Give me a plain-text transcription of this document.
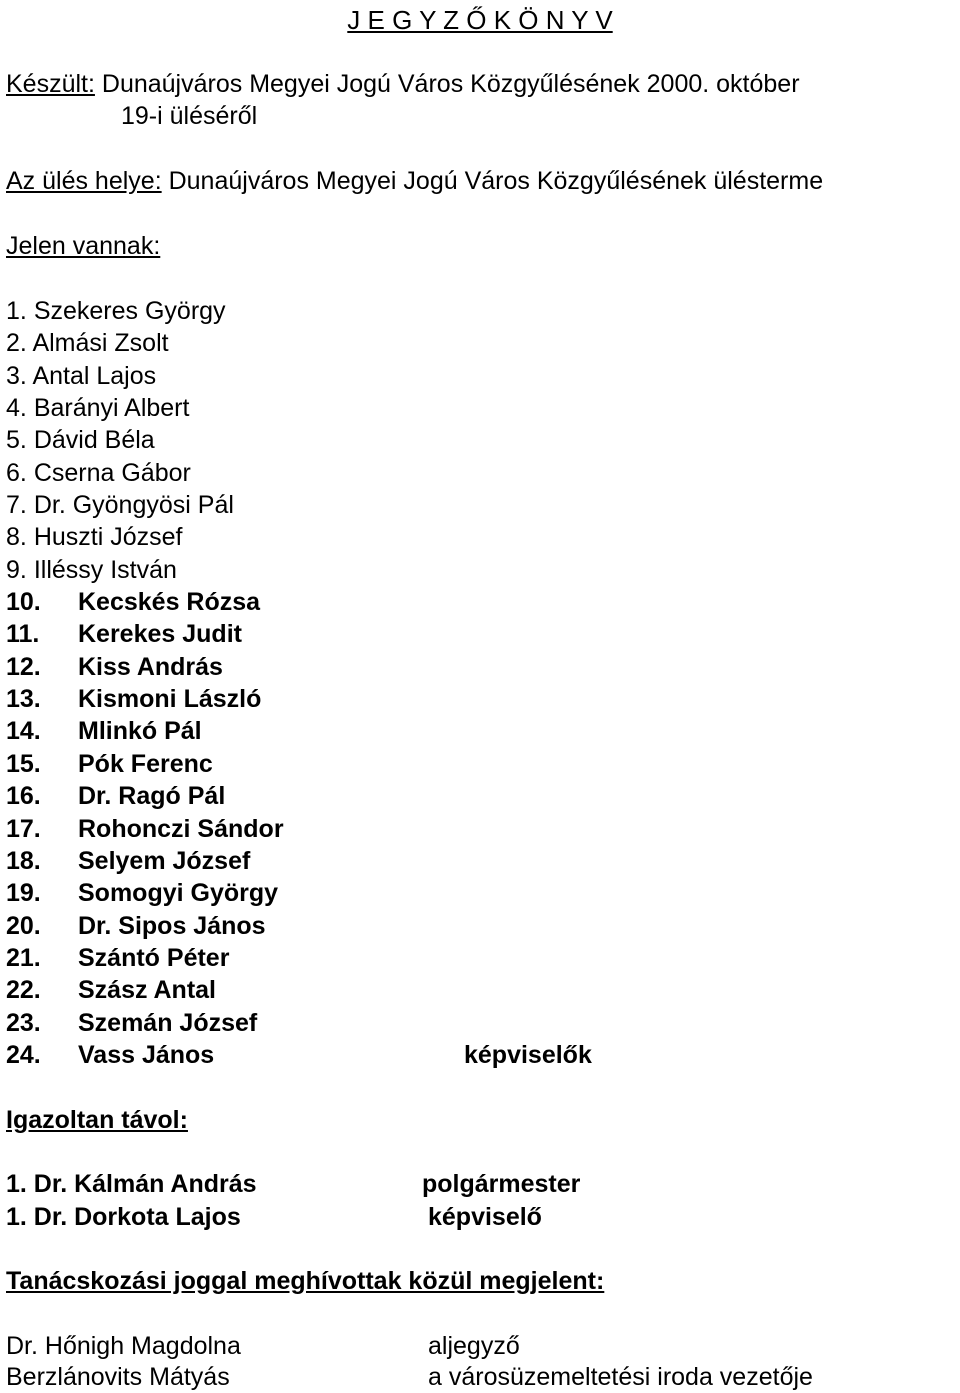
J E G Y Z Ő K Ö N Y V
Készült: Dunaújváros Megyei Jogú Város Közgyűlésének 2000. október
19-i üléséről
Az ülés helye: Dunaújváros Megyei Jogú Város Közgyűlésének ülésterme
Jelen vannak:
1. Szekeres György
2. Almási Zsolt
3. Antal Lajos
4. Barányi Albert
5. Dávid Béla
6. Cserna Gábor
7. Dr. Gyöngyösi Pál
8. Huszti József
9. Illéssy István
10. Kecskés Rózsa
11. Kerekes Judit
12. Kiss András
13. Kismoni László
14. Mlinkó Pál
15. Pók Ferenc
16. Dr. Ragó Pál
17. Rohonczi Sándor
18. Selyem József
19. Somogyi György
20. Dr. Sipos János
21. Szántó Péter
22. Szász Antal
23. Szemán József
24. Vass János	képviselők
Igazoltan távol:
1. Dr. Kálmán András	polgármester
1. Dr. Dorkota Lajos	képviselő
Tanácskozási joggal meghívottak közül megjelent:
Dr. Hőnigh Magdolna	aljegyző
Berzlánovits Mátyás	a városüzemeltetési iroda vezetője
